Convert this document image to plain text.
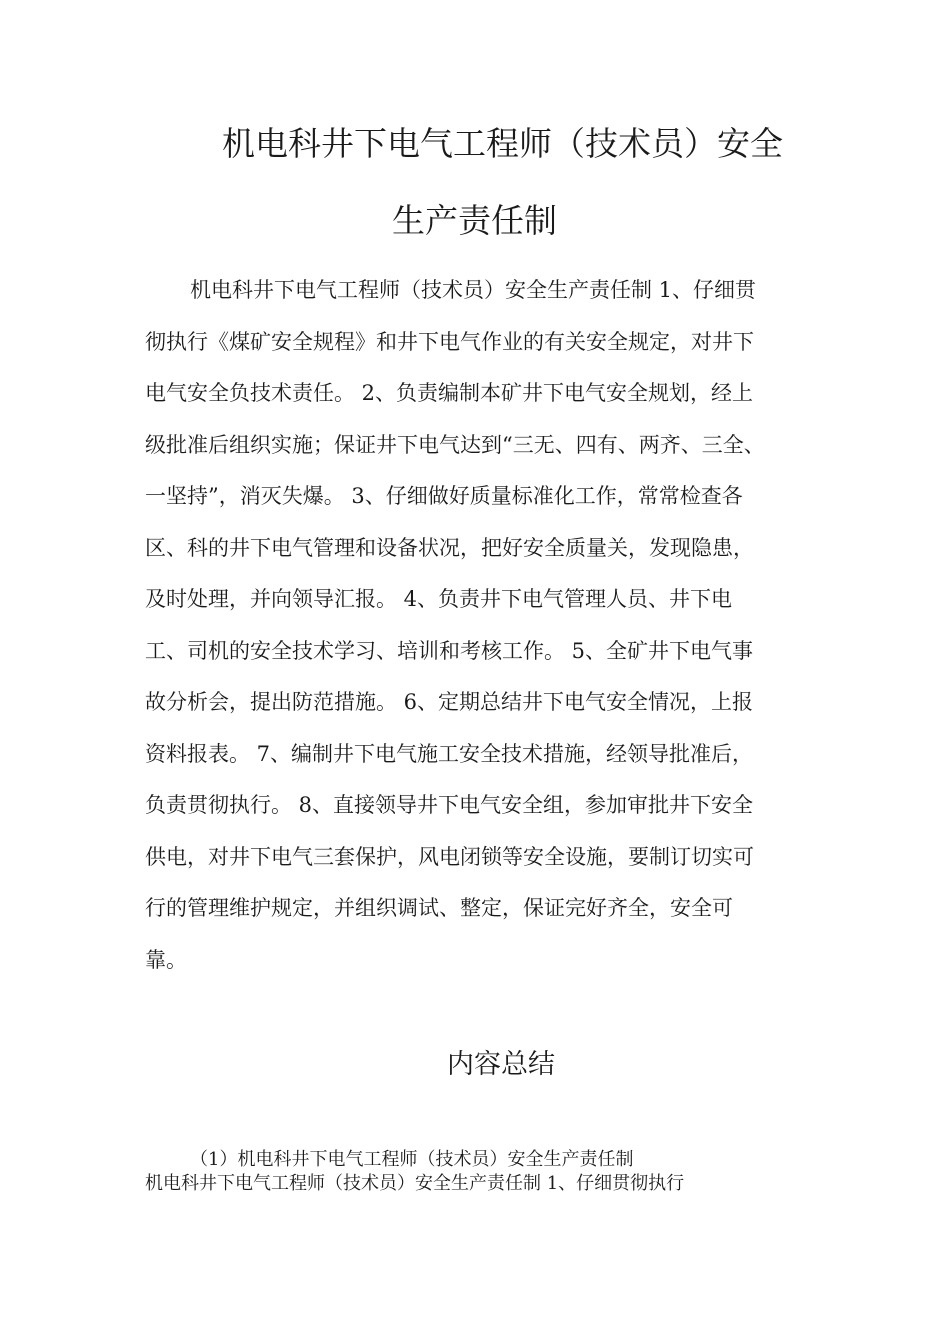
机电科井下电气工程师（技术员）安全
生产责任制

机电科井下电气工程师（技术员）安全生产责任制 1、仔细贯

彻执行《煤矿安全规程》和井下电气作业的有关安全规定，对井下

电气安全负技术责任。 2、负责编制本矿井下电气安全规划，经上

级批准后组织实施；保证井下电气达到“三无、四有、两齐、三全、

一坚持”，消灭失爆。 3、仔细做好质量标准化工作，常常检查各

区、科的井下电气管理和设备状况，把好安全质量关，发现隐患，

及时处理，并向领导汇报。 4、负责井下电气管理人员、井下电

工、司机的安全技术学习、培训和考核工作。 5、全矿井下电气事

故分析会，提出防范措施。 6、定期总结井下电气安全情况，上报

资料报表。 7、编制井下电气施工安全技术措施，经领导批准后，

负责贯彻执行。 8、直接领导井下电气安全组，参加审批井下安全

供电，对井下电气三套保护，风电闭锁等安全设施，要制订切实可

行的管理维护规定，并组织调试、整定，保证完好齐全，安全可

靠。

内容总结

（1）机电科井下电气工程师（技术员）安全生产责任制

机电科井下电气工程师（技术员）安全生产责任制 1、仔细贯彻执行
